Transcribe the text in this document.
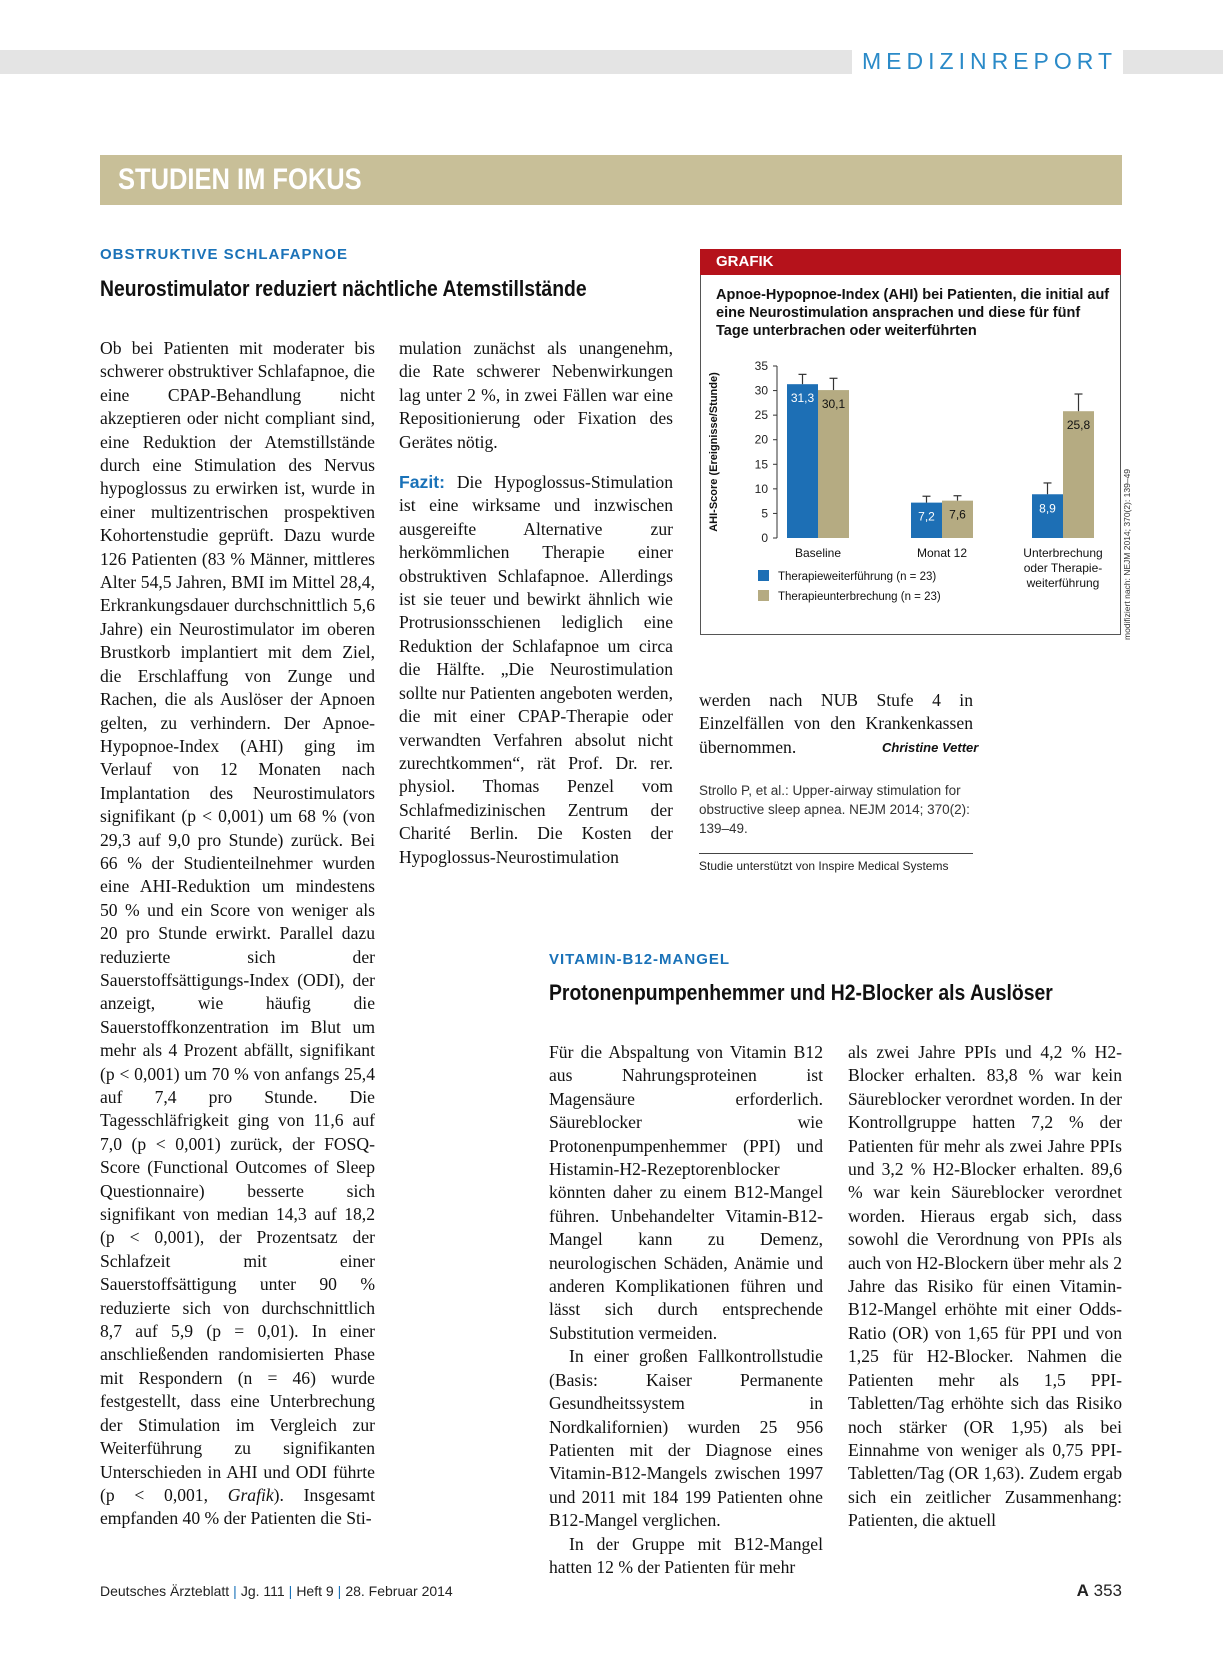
MEDIZINREPORT
STUDIEN IM FOKUS
OBSTRUKTIVE SCHLAFAPNOE
Neurostimulator reduziert nächtliche Atemstillstände

Ob bei Patienten mit moderater bis schwerer obstruktiver Schlafapnoe, die eine CPAP-Behandlung nicht akzeptieren oder nicht compliant sind, eine Reduktion der Atemstillstände durch eine Stimulation des Nervus hypoglossus zu erwirken ist, wurde in einer multizentrischen prospektiven Kohortenstudie geprüft. Dazu wurde 126 Patienten (83 % Männer, mittleres Alter 54,5 Jahren, BMI im Mittel 28,4, Erkrankungsdauer durchschnittlich 5,6 Jahre) ein Neurostimulator im oberen Brustkorb implantiert mit dem Ziel, die Erschlaffung von Zunge und Rachen, die als Auslöser der Apnoen gelten, zu verhindern. Der Apnoe-Hypopnoe-Index (AHI) ging im Verlauf von 12 Monaten nach Implantation des Neurostimulators signifikant (p < 0,001) um 68 % (von 29,3 auf 9,0 pro Stunde) zurück. Bei 66 % der Studienteilnehmer wurden eine AHI-Reduktion um mindestens 50 % und ein Score von weniger als 20 pro Stunde erwirkt. Parallel dazu reduzierte sich der Sauerstoffsättigungs-Index (ODI), der anzeigt, wie häufig die Sauerstoffkonzentration im Blut um mehr als 4 Prozent abfällt, signifikant (p < 0,001) um 70 % von anfangs 25,4 auf 7,4 pro Stunde. Die Tagesschläfrigkeit ging von 11,6 auf 7,0 (p < 0,001) zurück, der FOSQ-Score (Functional Outcomes of Sleep Questionnaire) besserte sich signifikant von median 14,3 auf 18,2 (p < 0,001), der Prozentsatz der Schlafzeit mit einer Sauerstoffsättigung unter 90 % reduzierte sich von durchschnittlich 8,7 auf 5,9 (p = 0,01). In einer anschließenden randomisierten Phase mit Respondern (n = 46) wurde festgestellt, dass eine Unterbrechung der Stimulation im Vergleich zur Weiterführung zu signifikanten Unterschieden in AHI und ODI führte (p < 0,001, Grafik). Insgesamt empfanden 40 % der Patienten die Sti-

mulation zunächst als unangenehm, die Rate schwerer Nebenwirkungen lag unter 2 %, in zwei Fällen war eine Repositionierung oder Fixation des Gerätes nötig.

Fazit: Die Hypoglossus-Stimulation ist eine wirksame und inzwischen ausgereifte Alternative zur herkömmlichen Therapie einer obstruktiven Schlafapnoe. Allerdings ist sie teuer und bewirkt ähnlich wie Protrusionsschienen lediglich eine Reduktion der Schlafapnoe um circa die Hälfte. „Die Neurostimulation sollte nur Patienten angeboten werden, die mit einer CPAP-Therapie oder verwandten Verfahren absolut nicht zurechtkommen“, rät Prof. Dr. rer. physiol. Thomas Penzel vom Schlafmedizinischen Zentrum der Charité Berlin. Die Kosten der Hypoglossus-Neurostimulation

GRAFIK
Apnoe-Hypopnoe-Index (AHI) bei Patienten, die initial auf eine Neurostimulation ansprachen und diese für fünf Tage unterbrachen oder weiterführten
AHI-Score (Ereignisse/Stunde)
0
5
10
15
20
25
30
35
31,3
7,2
8,9
30,1
7,6
25,8
Baseline	Monat 12	Unterbrechung
oder Therapie-
weiterführung
Therapieweiterführung (n = 23)
Therapieunterbrechung (n = 23)	modifiziert nach: NEJM 2014; 370(2): 139–49

werden nach NUB Stufe 4 in Einzelfällen von den Krankenkassen übernommen.	Christine Vetter
Strollo P, et al.: Upper-airway stimulation for obstructive sleep apnea. NEJM 2014; 370(2): 139–49.
Studie unterstützt von Inspire Medical Systems
VITAMIN-B12-MANGEL
Protonenpumpenhemmer und H2-Blocker als Auslöser

Für die Abspaltung von Vitamin B12 aus Nahrungsproteinen ist Magensäure erforderlich. Säureblocker wie Protonenpumpenhemmer (PPI) und Histamin-H2-Rezeptorenblocker könnten daher zu einem B12-Mangel führen. Unbehandelter Vitamin-B12-Mangel kann zu Demenz, neurologischen Schäden, Anämie und anderen Komplikationen führen und lässt sich durch entsprechende Substitution vermeiden.

In einer großen Fallkontrollstudie (Basis: Kaiser Permanente Gesundheitssystem in Nordkalifornien) wurden 25 956 Patienten mit der Diagnose eines Vitamin-B12-Mangels zwischen 1997 und 2011 mit 184 199 Patienten ohne B12-Mangel verglichen.

In der Gruppe mit B12-Mangel hatten 12 % der Patienten für mehr

als zwei Jahre PPIs und 4,2 % H2-Blocker erhalten. 83,8 % war kein Säureblocker verordnet worden. In der Kontrollgruppe hatten 7,2 % der Patienten für mehr als zwei Jahre PPIs und 3,2 % H2-Blocker erhalten. 89,6 % war kein Säureblocker verordnet worden. Hieraus ergab sich, dass sowohl die Verordnung von PPIs als auch von H2-Blockern über mehr als 2 Jahre das Risiko für einen Vitamin-B12-Mangel erhöhte mit einer Odds-Ratio (OR) von 1,65 für PPI und von 1,25 für H2-Blocker. Nahmen die Patienten mehr als 1,5 PPI-Tabletten/Tag erhöhte sich das Risiko noch stärker (OR 1,95) als bei Einnahme von weniger als 0,75 PPI-Tabletten/Tag (OR 1,63). Zudem ergab sich ein zeitlicher Zusammenhang: Patienten, die aktuell

Deutsches Ärzteblatt | Jg. 111 | Heft 9 | 28. Februar 2014	A 353
